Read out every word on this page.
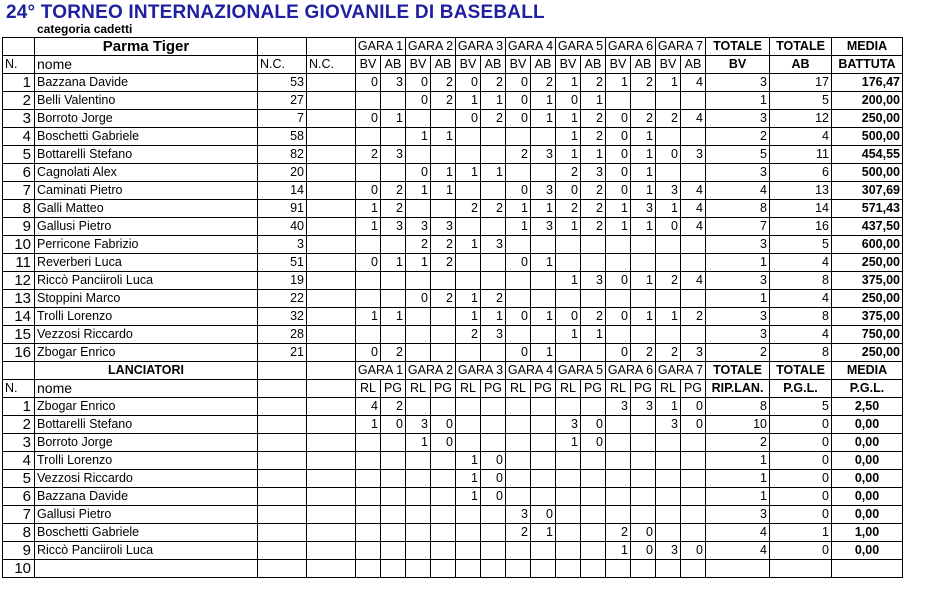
24° TORNEO INTERNAZIONALE GIOVANILE DI BASEBALL
categoria cadetti
	Parma Tiger			GARA 1		GARA 2		GARA 3		GARA 4		GARA 5		GARA 6		GARA 7		TOTALE	TOTALE	MEDIA
N.	nome	N.C.	N.C.	BV	AB	BV	AB	BV	AB	BV	AB	BV	AB	BV	AB	BV	AB	BV	AB	BATTUTA
1	Bazzana Davide	53		0	3	0	2	0	2	0	2	1	2	1	2	1	4	3	17	176,47
2	Belli Valentino	27				0	2	1	1	0	1	0	1					1	5	200,00
3	Borroto Jorge	7		0	1			0	2	0	1	1	2	0	2	2	4	3	12	250,00
4	Boschetti Gabriele	58				1	1					1	2	0	1			2	4	500,00
5	Bottarelli Stefano	82		2	3					2	3	1	1	0	1	0	3	5	11	454,55
6	Cagnolati Alex	20				0	1	1	1			2	3	0	1			3	6	500,00
7	Caminati Pietro	14		0	2	1	1			0	3	0	2	0	1	3	4	4	13	307,69
8	Galli Matteo	91		1	2			2	2	1	1	2	2	1	3	1	4	8	14	571,43
9	Gallusi Pietro	40		1	3	3	3			1	3	1	2	1	1	0	4	7	16	437,50
10	Perricone Fabrizio	3				2	2	1	3									3	5	600,00
11	Reverberi Luca	51		0	1	1	2			0	1							1	4	250,00
12	Riccò Panciiroli Luca	19										1	3	0	1	2	4	3	8	375,00
13	Stoppini Marco	22				0	2	1	2									1	4	250,00
14	Trolli Lorenzo	32		1	1			1	1	0	1	0	2	0	1	1	2	3	8	375,00
15	Vezzosi Riccardo	28						2	3			1	1					3	4	750,00
16	Zbogar Enrico	21		0	2					0	1			0	2	2	3	2	8	250,00
	LANCIATORI			GARA 1		GARA 2		GARA 3		GARA 4		GARA 5		GARA 6		GARA 7		TOTALE	TOTALE	MEDIA
N.	nome			RL	PG	RL	PG	RL	PG	RL	PG	RL	PG	RL	PG	RL	PG	RIP.LAN.	P.G.L.	P.G.L.
1	Zbogar Enrico			4	2									3	3	1	0	8	5	2,50
2	Bottarelli Stefano			1	0	3	0					3	0			3	0	10	0	0,00
3	Borroto Jorge					1	0					1	0					2	0	0,00
4	Trolli Lorenzo							1	0									1	0	0,00
5	Vezzosi Riccardo							1	0									1	0	0,00
6	Bazzana Davide							1	0									1	0	0,00
7	Gallusi Pietro									3	0							3	0	0,00
8	Boschetti Gabriele									2	1			2	0			4	1	1,00
9	Riccò Panciiroli Luca													1	0	3	0	4	0	0,00
10																				
